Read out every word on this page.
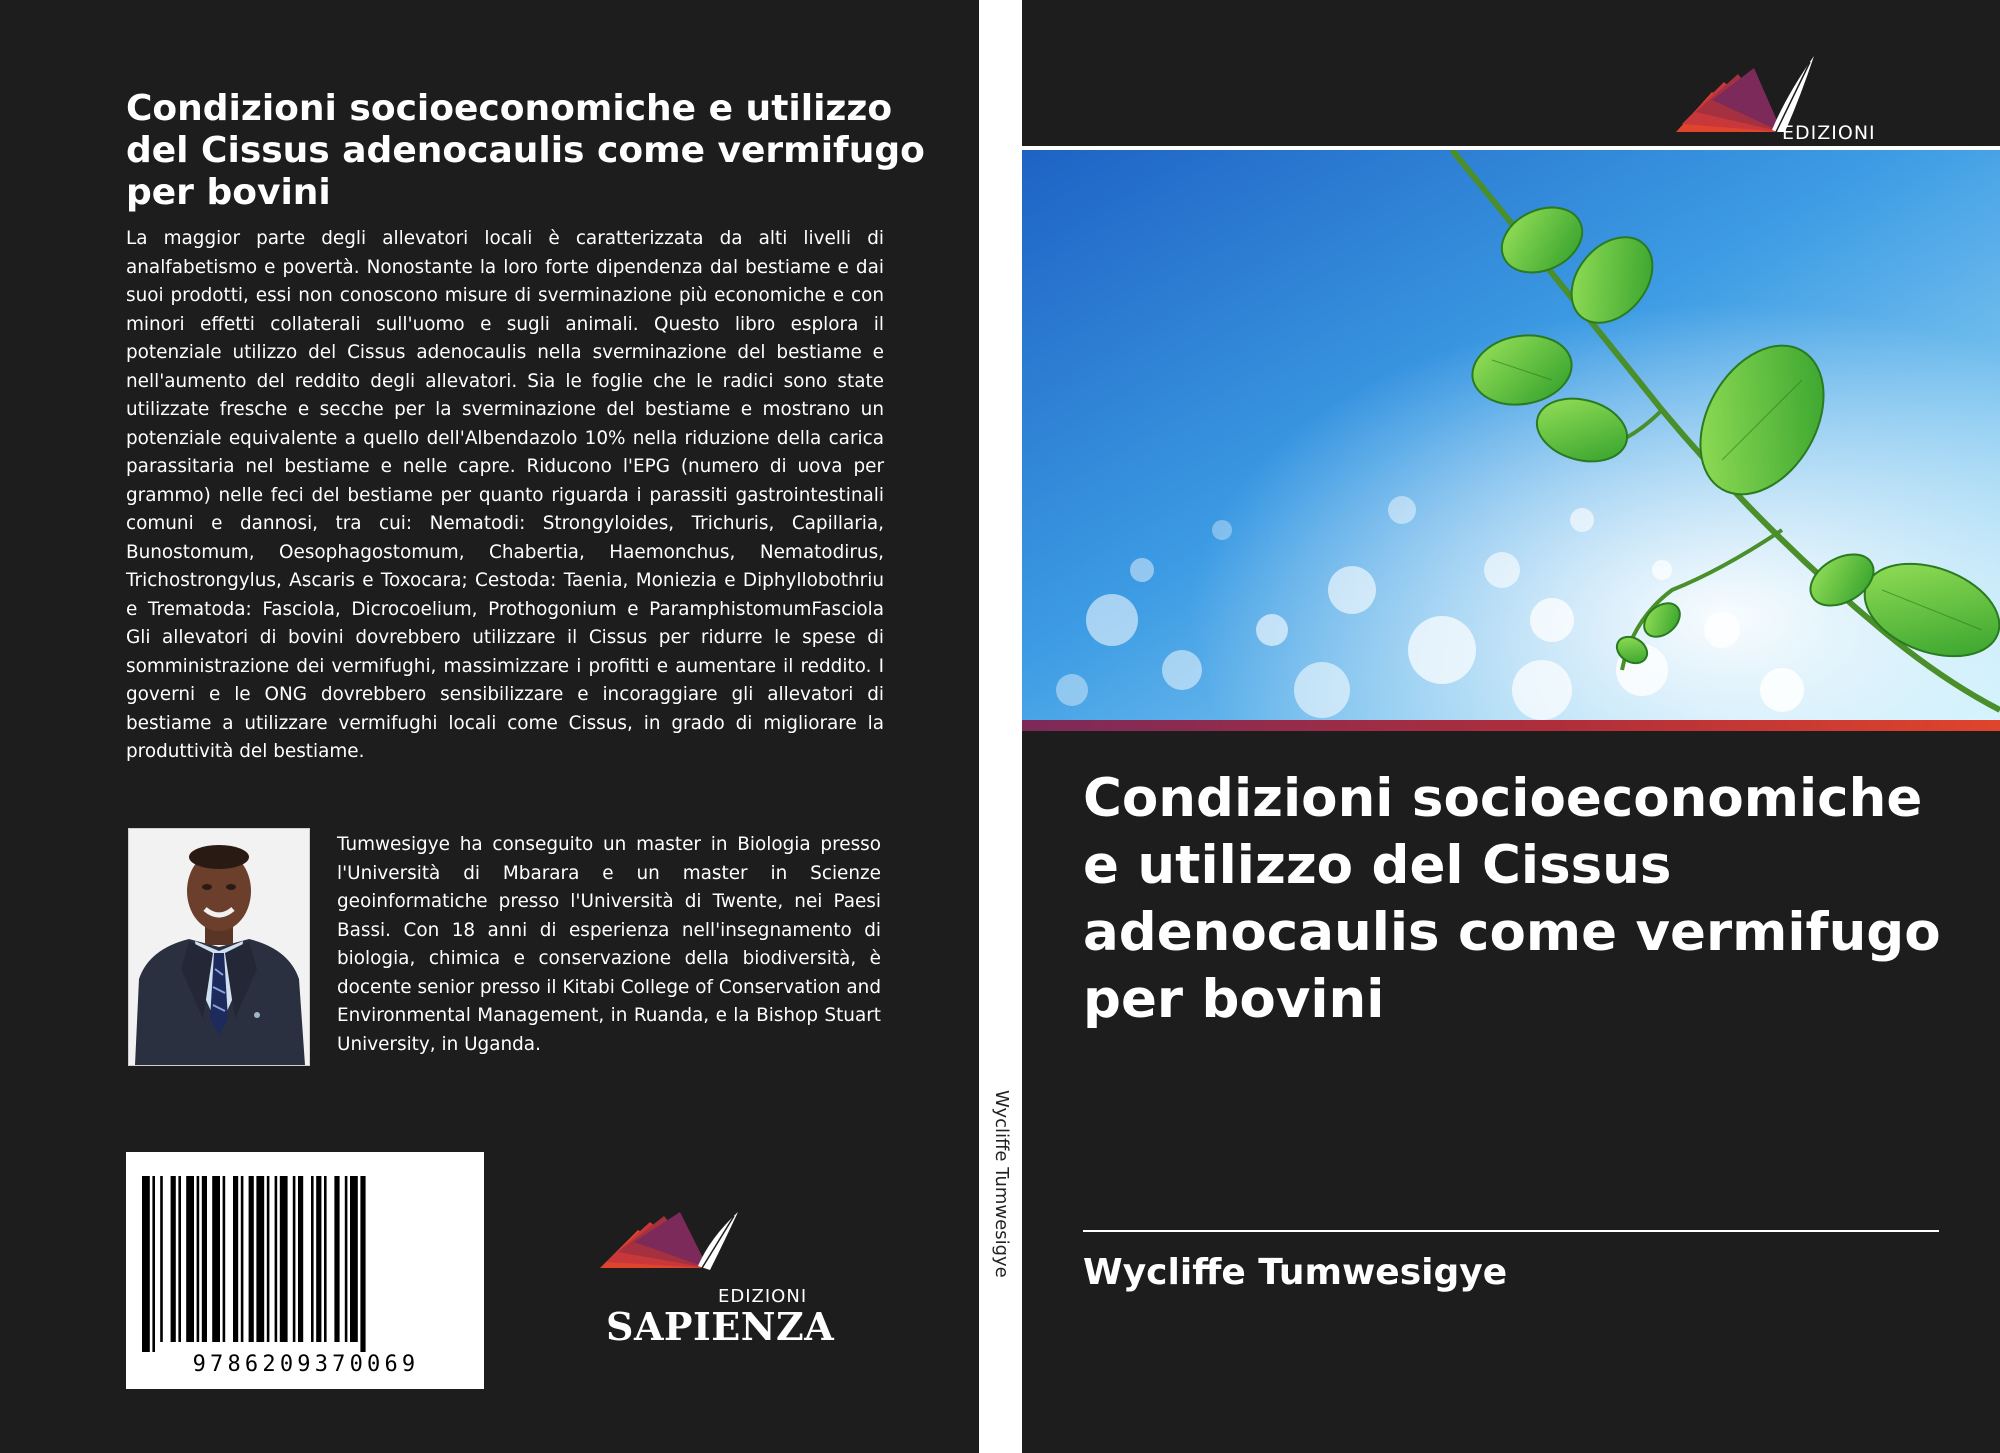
Condizioni socioeconomiche e utilizzo del Cissus adenocaulis come vermifugo per bovini

La maggior parte degli allevatori locali è caratterizzata da alti livelli di analfabetismo e povertà. Nonostante la loro forte dipendenza dal bestiame e dai suoi prodotti, essi non conoscono misure di sverminazione più economiche e con minori effetti collaterali sull'uomo e sugli animali. Questo libro esplora il potenziale utilizzo del Cissus adenocaulis nella sverminazione del bestiame e nell'aumento del reddito degli allevatori. Sia le foglie che le radici sono state utilizzate fresche e secche per la sverminazione del bestiame e mostrano un potenziale equivalente a quello dell'Albendazolo 10% nella riduzione della carica parassitaria nel bestiame e nelle capre. Riducono l'EPG (numero di uova per grammo) nelle feci del bestiame per quanto riguarda i parassiti gastrointestinali comuni e dannosi, tra cui: Nematodi: Strongyloides, Trichuris, Capillaria, Bunostomum, Oesophagostomum, Chabertia, Haemonchus, Nematodirus, Trichostrongylus, Ascaris e Toxocara; Cestoda: Taenia, Moniezia e Diphyllobothriu e Trematoda: Fasciola, Dicrocoelium, Prothogonium e ParamphistomumFasciola Gli allevatori di bovini dovrebbero utilizzare il Cissus per ridurre le spese di somministrazione dei vermifughi, massimizzare i profitti e aumentare il reddito. I governi e le ONG dovrebbero sensibilizzare e incoraggiare gli allevatori di bestiame a utilizzare vermifughi locali come Cissus, in grado di migliorare la produttività del bestiame.

Tumwesigye ha conseguito un master in Biologia presso l'Università di Mbarara e un master in Scienze geoinformatiche presso l'Università di Twente, nei Paesi Bassi. Con 18 anni di esperienza nell'insegnamento di biologia, chimica e conservazione della biodiversità, è docente senior presso il Kitabi College of Conservation and Environmental Management, in Ruanda, e la Bishop Stuart University, in Uganda.

9786209370069
EDIZIONI
SAPIENZA
Wycliffe Tumwesigye
EDIZIONI
Condizioni socioeconomiche e utilizzo del Cissus adenocaulis come vermifugo per bovini
Wycliffe Tumwesigye
